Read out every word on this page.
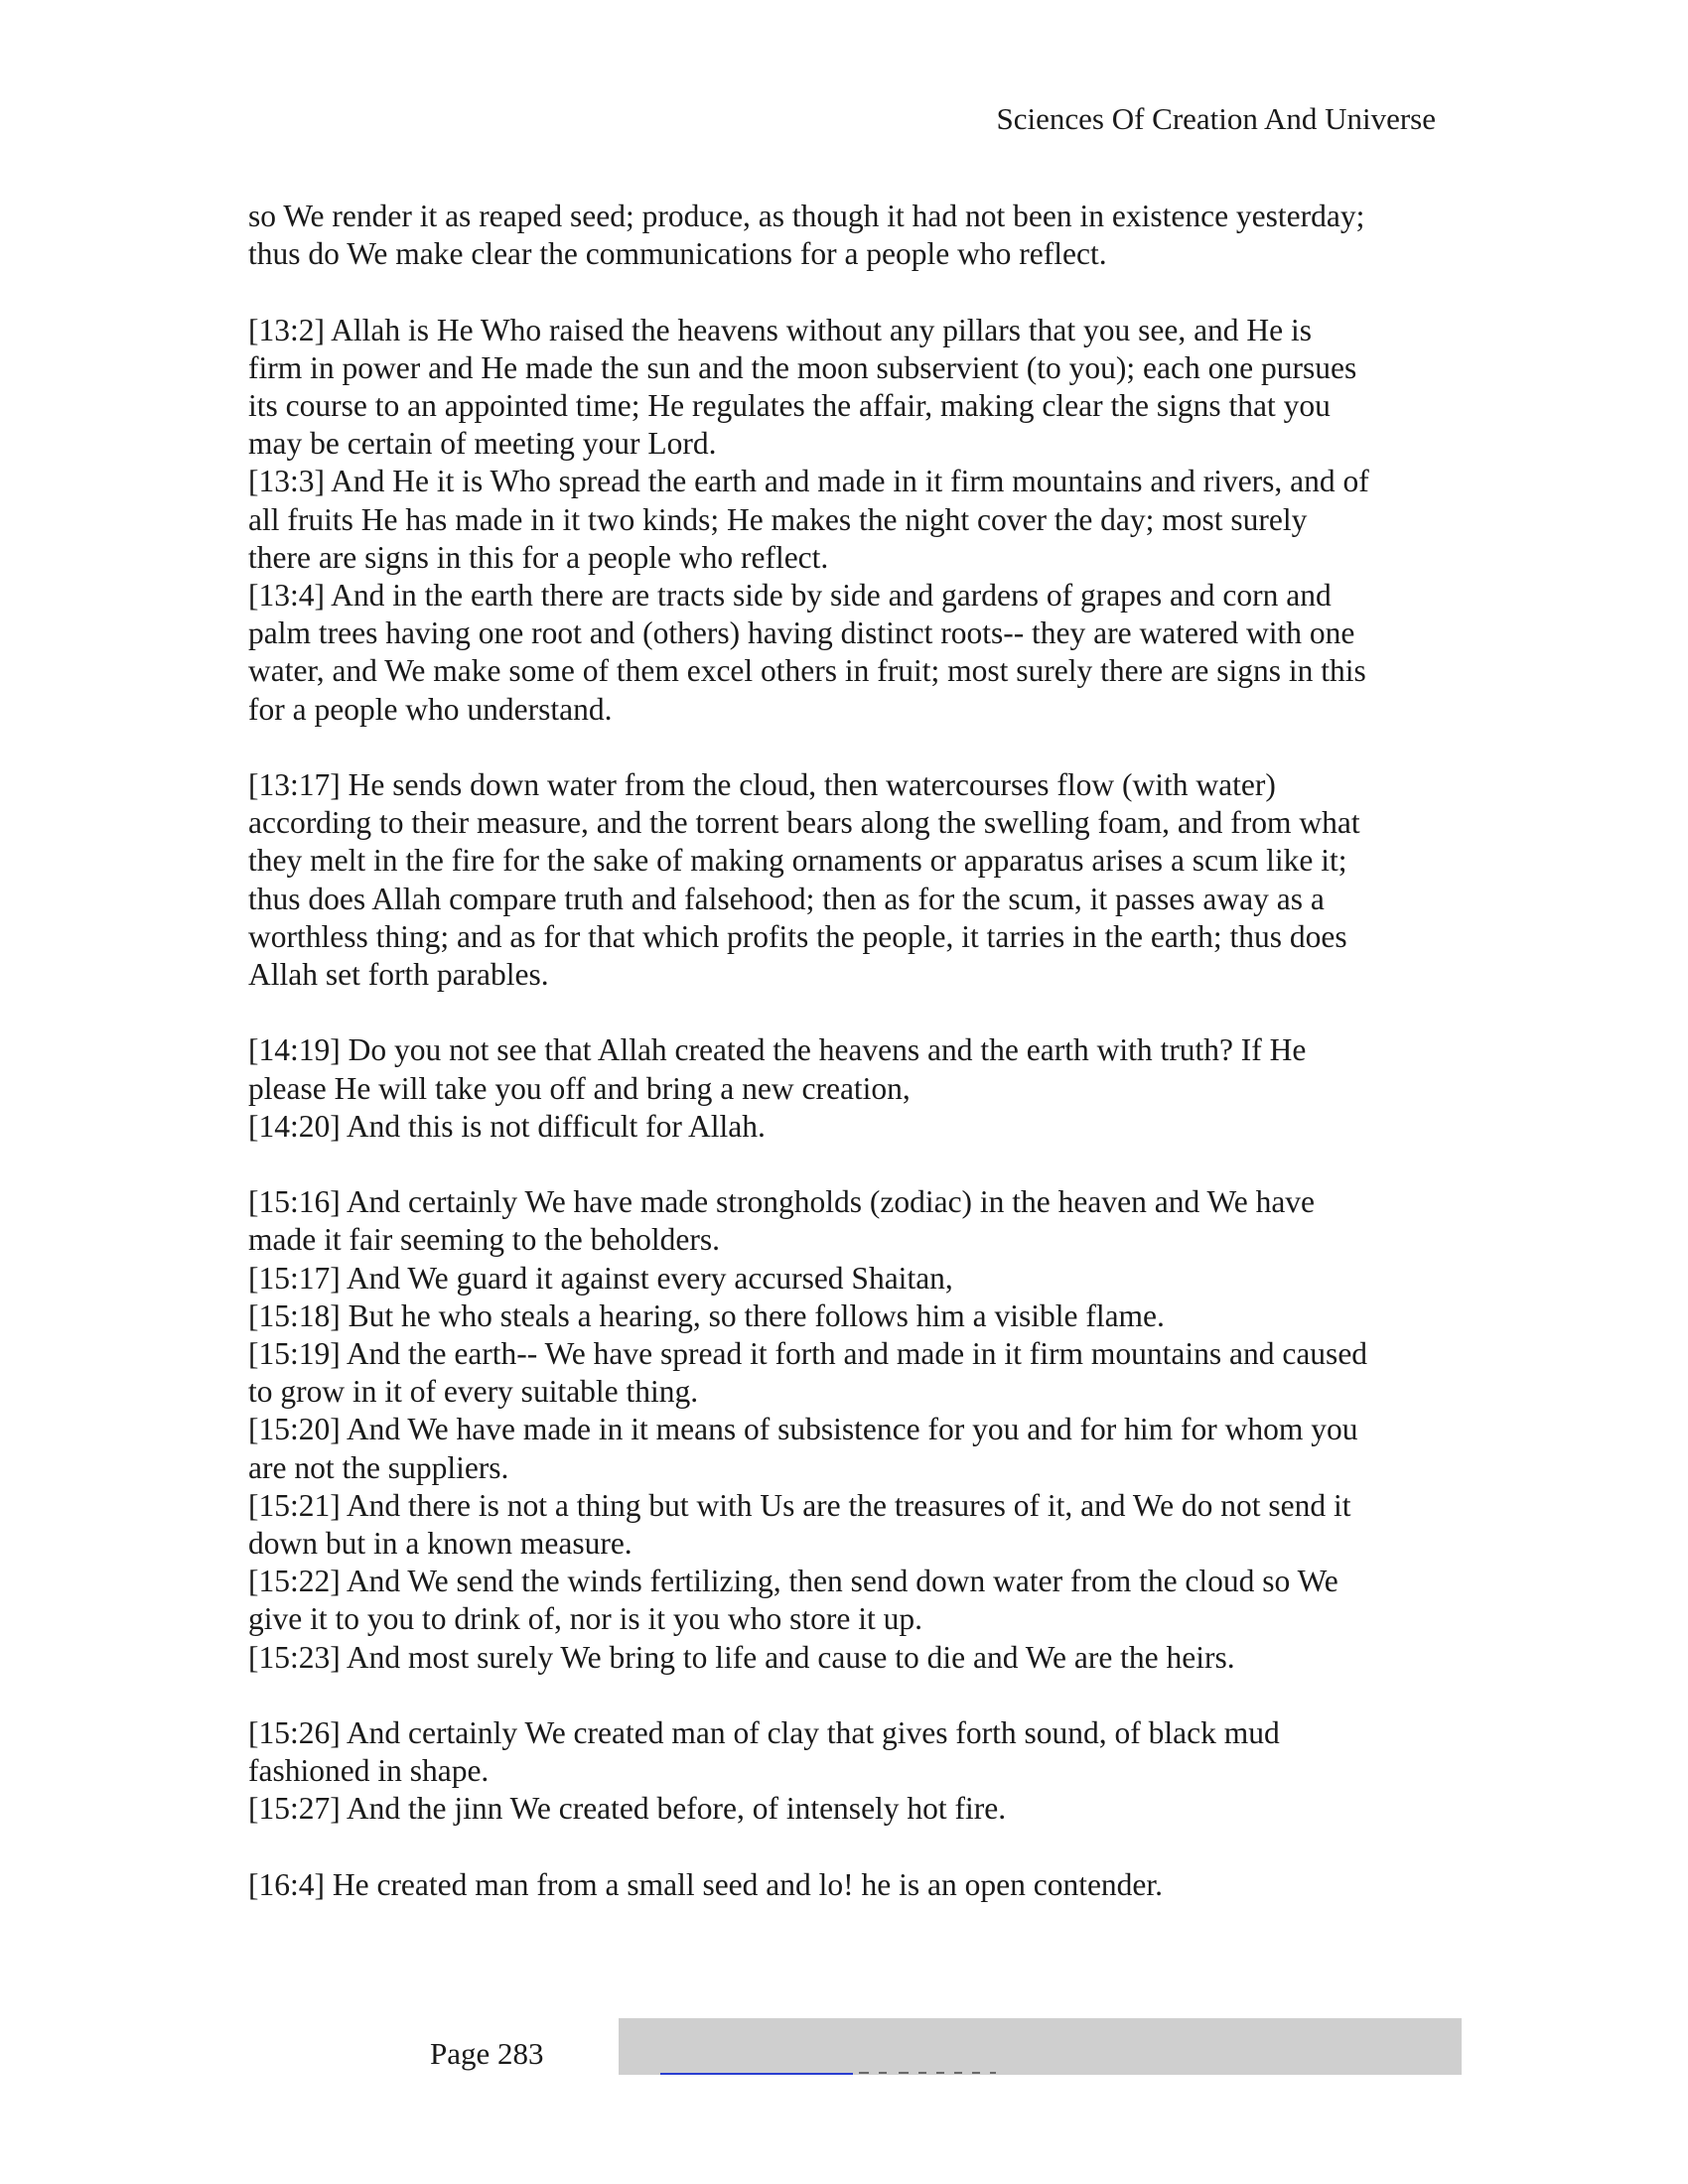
Sciences Of Creation And Universe
so We render it as reaped seed; produce, as though it had not been in existence yesterday;
thus do We make clear the communications for a people who reflect.
[13:2] Allah is He Who raised the heavens without any pillars that you see, and He is
firm in power and He made the sun and the moon subservient (to you); each one pursues
its course to an appointed time; He regulates the affair, making clear the signs that you
may be certain of meeting your Lord.
[13:3] And He it is Who spread the earth and made in it firm mountains and rivers, and of
all fruits He has made in it two kinds; He makes the night cover the day; most surely
there are signs in this for a people who reflect.
[13:4] And in the earth there are tracts side by side and gardens of grapes and corn and
palm trees having one root and (others) having distinct roots-- they are watered with one
water, and We make some of them excel others in fruit; most surely there are signs in this
for a people who understand.
[13:17] He sends down water from the cloud, then watercourses flow (with water)
according to their measure, and the torrent bears along the swelling foam, and from what
they melt in the fire for the sake of making ornaments or apparatus arises a scum like it;
thus does Allah compare truth and falsehood; then as for the scum, it passes away as a
worthless thing; and as for that which profits the people, it tarries in the earth; thus does
Allah set forth parables.
[14:19] Do you not see that Allah created the heavens and the earth with truth? If He
please He will take you off and bring a new creation,
[14:20] And this is not difficult for Allah.
[15:16] And certainly We have made strongholds (zodiac) in the heaven and We have
made it fair seeming to the beholders.
[15:17] And We guard it against every accursed Shaitan,
[15:18] But he who steals a hearing, so there follows him a visible flame.
[15:19] And the earth-- We have spread it forth and made in it firm mountains and caused
to grow in it of every suitable thing.
[15:20] And We have made in it means of subsistence for you and for him for whom you
are not the suppliers.
[15:21] And there is not a thing but with Us are the treasures of it, and We do not send it
down but in a known measure.
[15:22] And We send the winds fertilizing, then send down water from the cloud so We
give it to you to drink of, nor is it you who store it up.
[15:23] And most surely We bring to life and cause to die and We are the heirs.
[15:26] And certainly We created man of clay that gives forth sound, of black mud
fashioned in shape.
[15:27] And the jinn We created before, of intensely hot fire.
[16:4] He created man from a small seed and lo! he is an open contender.
Page 283
